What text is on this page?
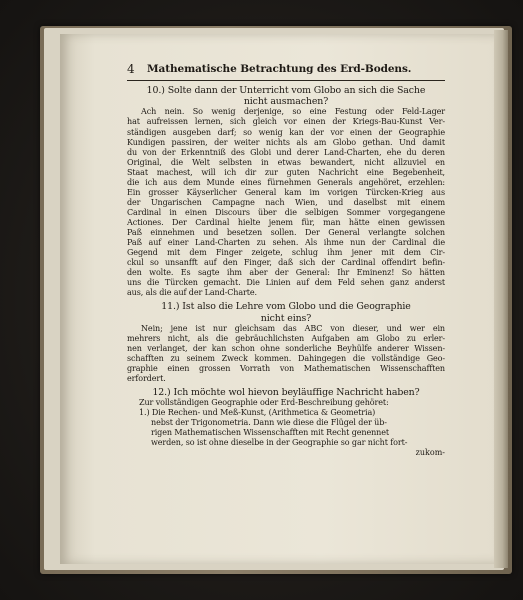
4 Mathematische Betrachtung des Erd-Bodens.

10.) Solte dann der Unterricht vom Globo an sich die Sache

nicht ausmachen?

Ach nein. So wenig derjenige, so eine Festung oder Feld-Lager
hat aufreissen lernen, sich gleich vor einen der Kriegs-Bau-Kunst Ver-
ständigen ausgeben darf; so wenig kan der vor einen der Geographie
Kundigen passiren, der weiter nichts als am Globo gethan. Und damit
du von der Erkenntniß des Globi und derer Land-Charten, ehe du deren
Original, die Welt selbsten in etwas bewandert, nicht allzuviel en
Staat machest, will ich dir zur guten Nachricht eine Begebenheit,
die ich aus dem Munde eines fürnehmen Generals angehöret, erzehlen:
Ein grosser Käyserlicher General kam im vorigen Türcken-Krieg aus
der Ungarischen Campagne nach Wien, und daselbst mit einem
Cardinal in einen Discours über die selbigen Sommer vorgegangene
Actiones. Der Cardinal hielte jenem für, man hätte einen gewissen
Paß einnehmen und besetzen sollen. Der General verlangte solchen
Paß auf einer Land-Charten zu sehen. Als ihme nun der Cardinal die
Gegend mit dem Finger zeigete, schlug ihm jener mit dem Cir-
ckul so unsanfft auf den Finger, daß sich der Cardinal offendirt befin-
den wolte. Es sagte ihm aber der General: Ihr Eminenz! So hätten
uns die Türcken gemacht. Die Linien auf dem Feld sehen ganz anderst
aus, als die auf der Land-Charte.

11.) Ist also die Lehre vom Globo und die Geographie

nicht eins?

Nein; jene ist nur gleichsam das ABC von dieser, und wer ein
mehrers nicht, als die gebräuchlichsten Aufgaben am Globo zu erler-
nen verlanget, der kan schon ohne sonderliche Beyhülfe anderer Wissen-
schafften zu seinem Zweck kommen. Dahingegen die vollständige Geo-
graphie einen grossen Vorrath von Mathematischen Wissenschafften
erfordert.

12.) Ich möchte wol hievon beyläuffige Nachricht haben?

Zur vollständigen Geographie oder Erd-Beschreibung gehöret:
1.) Die Rechen- und Meß-Kunst, (Arithmetica & Geometria)
nebst der Trigonometria. Dann wie diese die Flügel der üb-
rigen Mathematischen Wissenschafften mit Recht genennet
werden, so ist ohne dieselbe in der Geographie so gar nicht fort-
zukom-
